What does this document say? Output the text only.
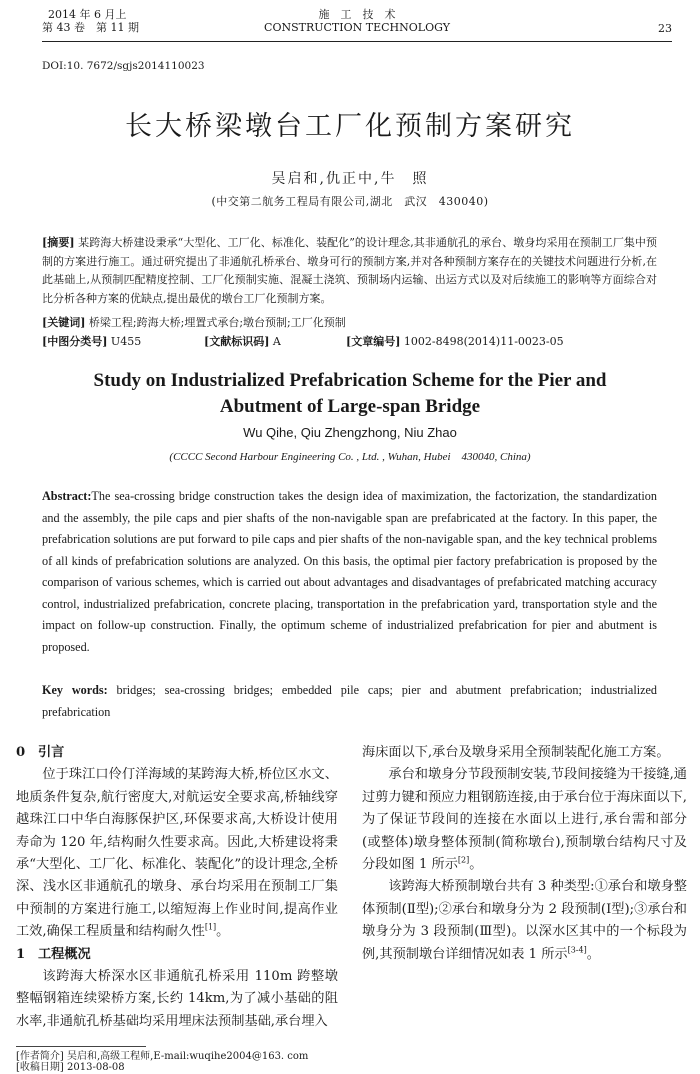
2014 年 6 月上
第 43 卷　第 11 期
施　工　技　术
CONSTRUCTION TECHNOLOGY	23
DOI:10. 7672/sgjs2014110023
长大桥梁墩台工厂化预制方案研究
吴启和,仇正中,牛　照
(中交第二航务工程局有限公司,湖北　武汉　430040)
[摘要] 某跨海大桥建设秉承“大型化、工厂化、标准化、装配化”的设计理念,其非通航孔的承台、墩身均采用在预制工厂集中预制的方案进行施工。通过研究提出了非通航孔桥承台、墩身可行的预制方案,并对各种预制方案存在的关键技术问题进行分析,在此基础上,从预制匹配精度控制、工厂化预制实施、混凝土浇筑、预制场内运输、出运方式以及对后续施工的影响等方面综合对比分析各种方案的优缺点,提出最优的墩台工厂化预制方案。
[关键词] 桥梁工程;跨海大桥;埋置式承台;墩台预制;工厂化预制
[中图分类号] U455	[文献标识码] A	[文章编号] 1002-8498(2014)11-0023-05
Study on Industrialized Prefabrication Scheme for the Pier and Abutment of Large-span Bridge
Wu Qihe, Qiu Zhengzhong, Niu Zhao
(CCCC Second Harbour Engineering Co. , Ltd. , Wuhan, Hubei　430040, China)
Abstract:The sea-crossing bridge construction takes the design idea of maximization, the factorization, the standardization and the assembly, the pile caps and pier shafts of the non-navigable span are prefabricated at the factory. In this paper, the prefabrication solutions are put forward to pile caps and pier shafts of the non-navigable span, and the key technical problems of all kinds of prefabrication solutions are analyzed. On this basis, the optimal pier factory prefabrication is proposed by the comparison of various schemes, which is carried out about advantages and disadvantages of prefabricated matching accuracy control, industrialized prefabrication, concrete placing, transportation in the prefabrication yard, transportation style and the impact on follow-up construction. Finally, the optimum scheme of industrialized prefabrication for pier and abutment is proposed.
Key words: bridges; sea-crossing bridges; embedded pile caps; pier and abutment prefabrication; industrialized prefabrication
0 引言

位于珠江口伶仃洋海域的某跨海大桥,桥位区水文、地质条件复杂,航行密度大,对航运安全要求高,桥轴线穿越珠江口中华白海豚保护区,环保要求高,大桥设计使用寿命为 120 年,结构耐久性要求高。因此,大桥建设将秉承“大型化、工厂化、标准化、装配化”的设计理念,全桥深、浅水区非通航孔的墩身、承台均采用在预制工厂集中预制的方案进行施工,以缩短海上作业时间,提高作业工效,确保工程质量和结构耐久性[1]。

1 工程概况

该跨海大桥深水区非通航孔桥采用 110m 跨整墩整幅钢箱连续梁桥方案,长约 14km,为了减小基础的阻水率,非通航孔桥基础均采用埋床法预制基础,承台埋入

海床面以下,承台及墩身采用全预制装配化施工方案。

承台和墩身分节段预制安装,节段间接缝为干接缝,通过剪力键和预应力粗钢筋连接,由于承台位于海床面以下,为了保证节段间的连接在水面以上进行,承台需和部分(或整体)墩身整体预制(简称墩台),预制墩台结构尺寸及分段如图 1 所示[2]。

该跨海大桥预制墩台共有 3 种类型:①承台和墩身整体预制(Ⅱ型);②承台和墩身分为 2 段预制(Ⅰ型);③承台和墩身分为 3 段预制(Ⅲ型)。以深水区其中的一个标段为例,其预制墩台详细情况如表 1 所示[3-4]。

[作者简介] 吴启和,高级工程师,E-mail:wuqihe2004@163. com
[收稿日期] 2013-08-08
